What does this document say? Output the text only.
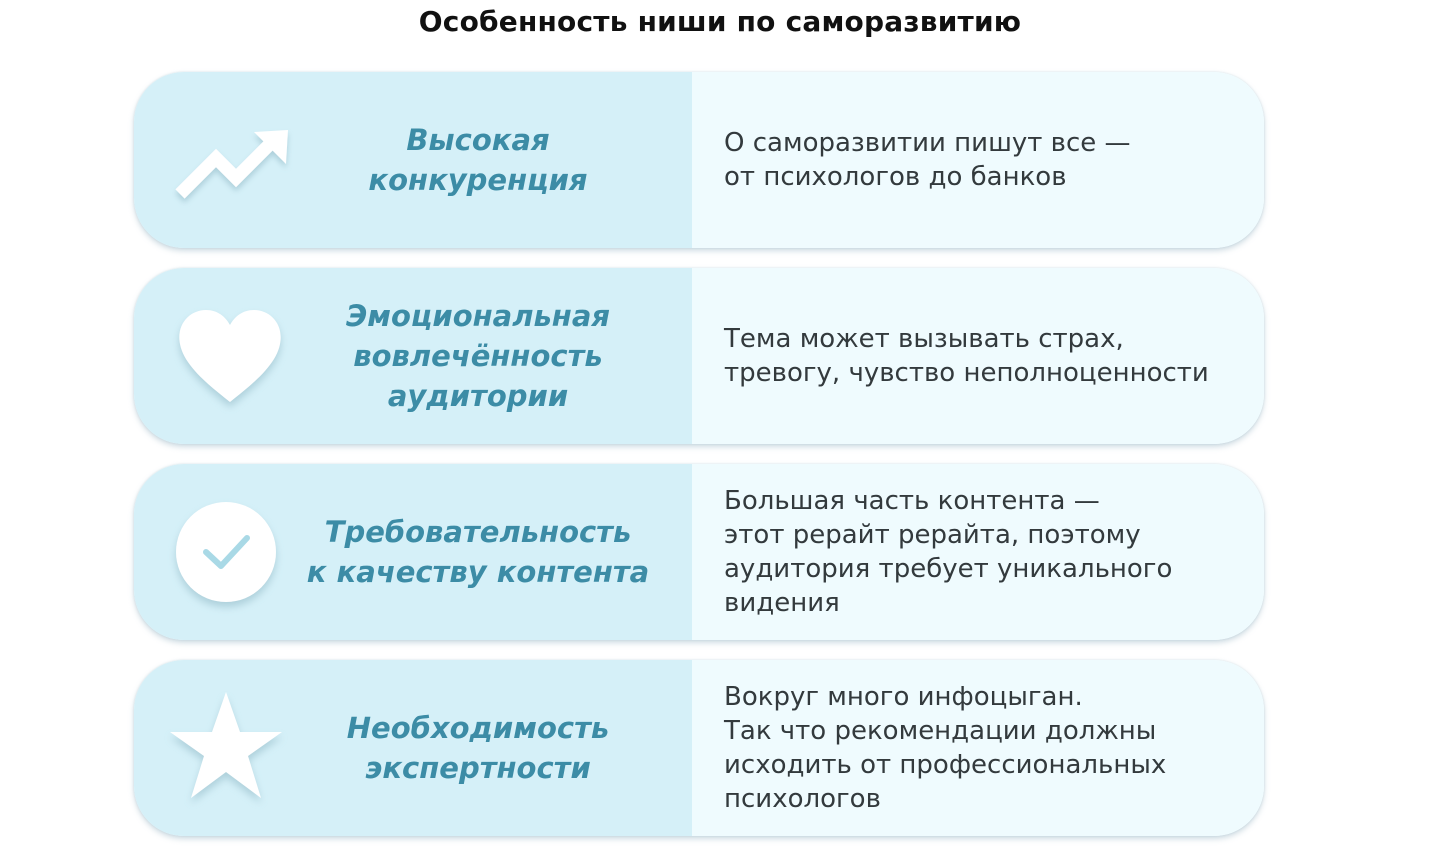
Особенность ниши по саморазвитию
Высокая
конкуренция
О саморазвитии пишут все —
от психологов до банков
Эмоциональная
вовлечённость
аудитории
Тема может вызывать страх,
тревогу, чувство неполноценности
Требовательность
к качеству контента
Большая часть контента —
этот рерайт рерайта, поэтому
аудитория требует уникального
видения
Необходимость
экспертности
Вокруг много инфоцыган.
Так что рекомендации должны
исходить от профессиональных
психологов
